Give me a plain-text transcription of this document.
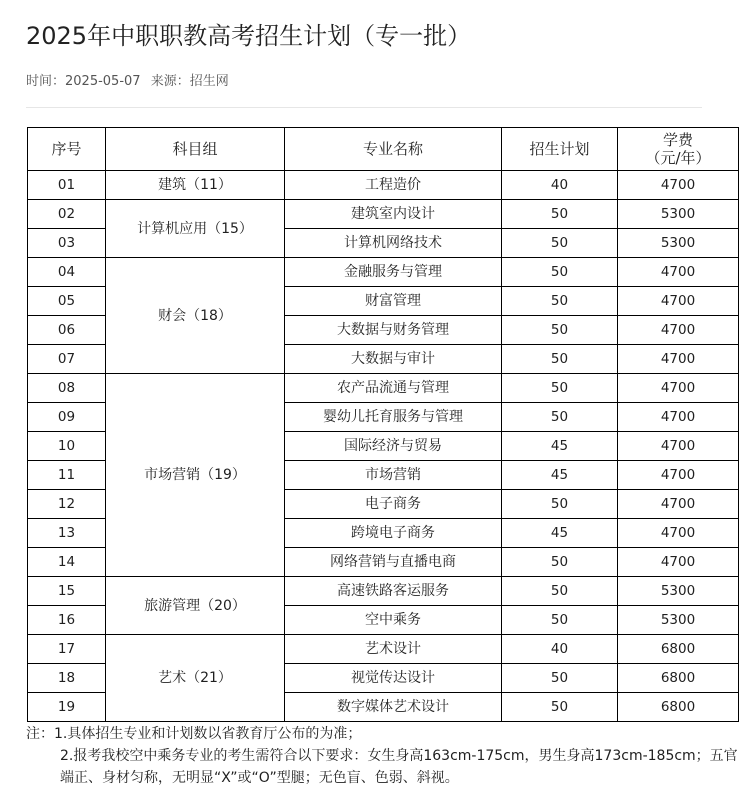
2025年中职职教高考招生计划（专一批）
时间：2025-05-07 来源：招生网
序号	科目组	专业名称	招生计划	学费
（元/年）

01	建筑（11）	工程造价	40	4700
02	计算机应用（15）	建筑室内设计	50	5300
03		计算机网络技术	50	5300
04	财会（18）	金融服务与管理	50	4700
05		财富管理	50	4700
06		大数据与财务管理	50	4700
07		大数据与审计	50	4700
08	市场营销（19）	农产品流通与管理	50	4700
09		婴幼儿托育服务与管理	50	4700
10		国际经济与贸易	45	4700
11		市场营销	45	4700
12		电子商务	50	4700
13		跨境电子商务	45	4700
14		网络营销与直播电商	50	4700
15	旅游管理（20）	高速铁路客运服务	50	5300
16		空中乘务	50	5300
17	艺术（21）	艺术设计	40	6800
18		视觉传达设计	50	6800
19		数字媒体艺术设计	50	6800

注：1.具体招生专业和计划数以省教育厅公布的为准；

2.报考我校空中乘务专业的考生需符合以下要求：女生身高163cm-175cm，男生身高173cm-185cm；五官端正、身材匀称，无明显“X”或“O”型腿；无色盲、色弱、斜视。
